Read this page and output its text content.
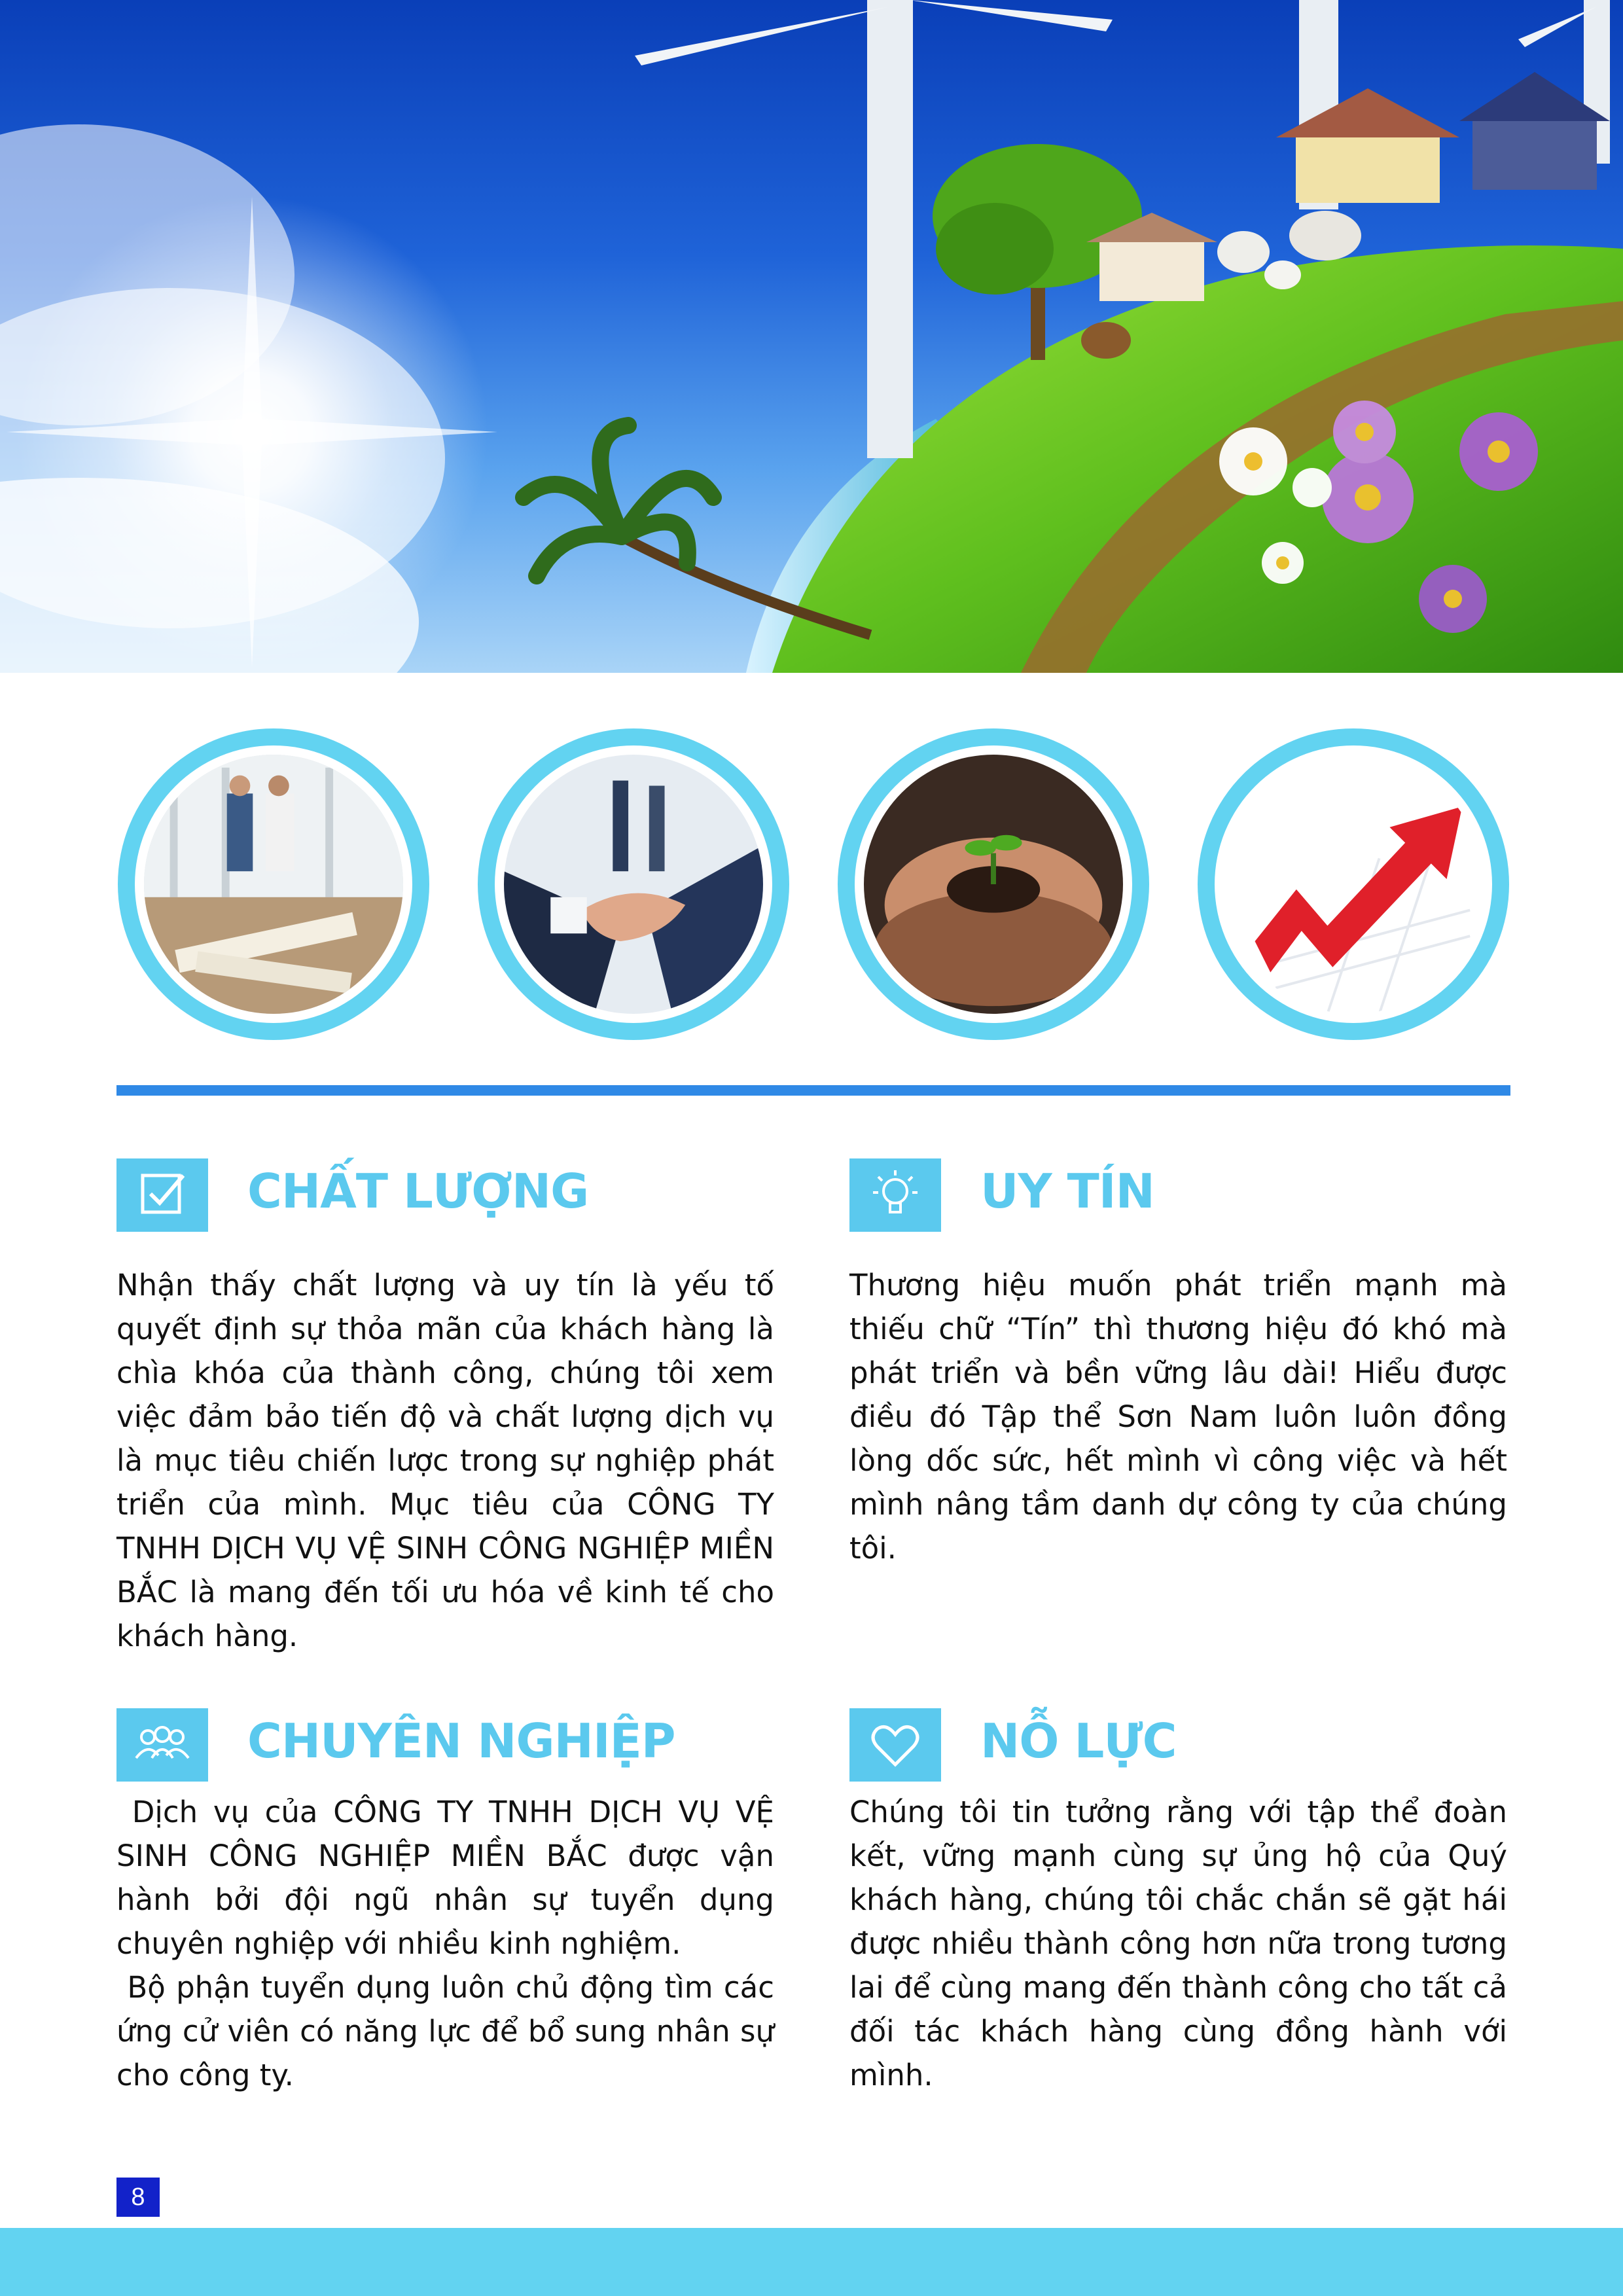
CHẤT LƯỢNG

Nhận thấy chất lượng và uy tín là yếu tố quyết định sự thỏa mãn của khách hàng là chìa khóa của thành công, chúng tôi xem việc đảm bảo tiến độ và chất lượng dịch vụ là mục tiêu chiến lược trong sự nghiệp phát triển của mình. Mục tiêu của CÔNG TY TNHH DỊCH VỤ VỆ SINH CÔNG NGHIỆP MIỀN BẮC là mang đến tối ưu hóa về kinh tế cho khách hàng.

UY TÍN

Thương hiệu muốn phát triển mạnh mà thiếu chữ “Tín” thì thương hiệu đó khó mà phát triển và bền vững lâu dài! Hiểu được điều đó Tập thể Sơn Nam luôn luôn đồng lòng dốc sức, hết mình vì công việc và hết mình nâng tầm danh dự công ty của chúng tôi.

CHUYÊN NGHIỆP

Dịch vụ của CÔNG TY TNHH DỊCH VỤ VỆ SINH CÔNG NGHIỆP MIỀN BẮC được vận hành bởi đội ngũ nhân sự tuyển dụng chuyên nghiệp với nhiều kinh nghiệm.

Bộ phận tuyển dụng luôn chủ động tìm các ứng cử viên có năng lực để bổ sung nhân sự cho công ty.

NỖ LỰC

Chúng tôi tin tưởng rằng với tập thể đoàn kết, vững mạnh cùng sự ủng hộ của Quý khách hàng, chúng tôi chắc chắn sẽ gặt hái được nhiều thành công hơn nữa trong tương lai để cùng mang đến thành công cho tất cả đối tác khách hàng cùng đồng hành với mình.

8
